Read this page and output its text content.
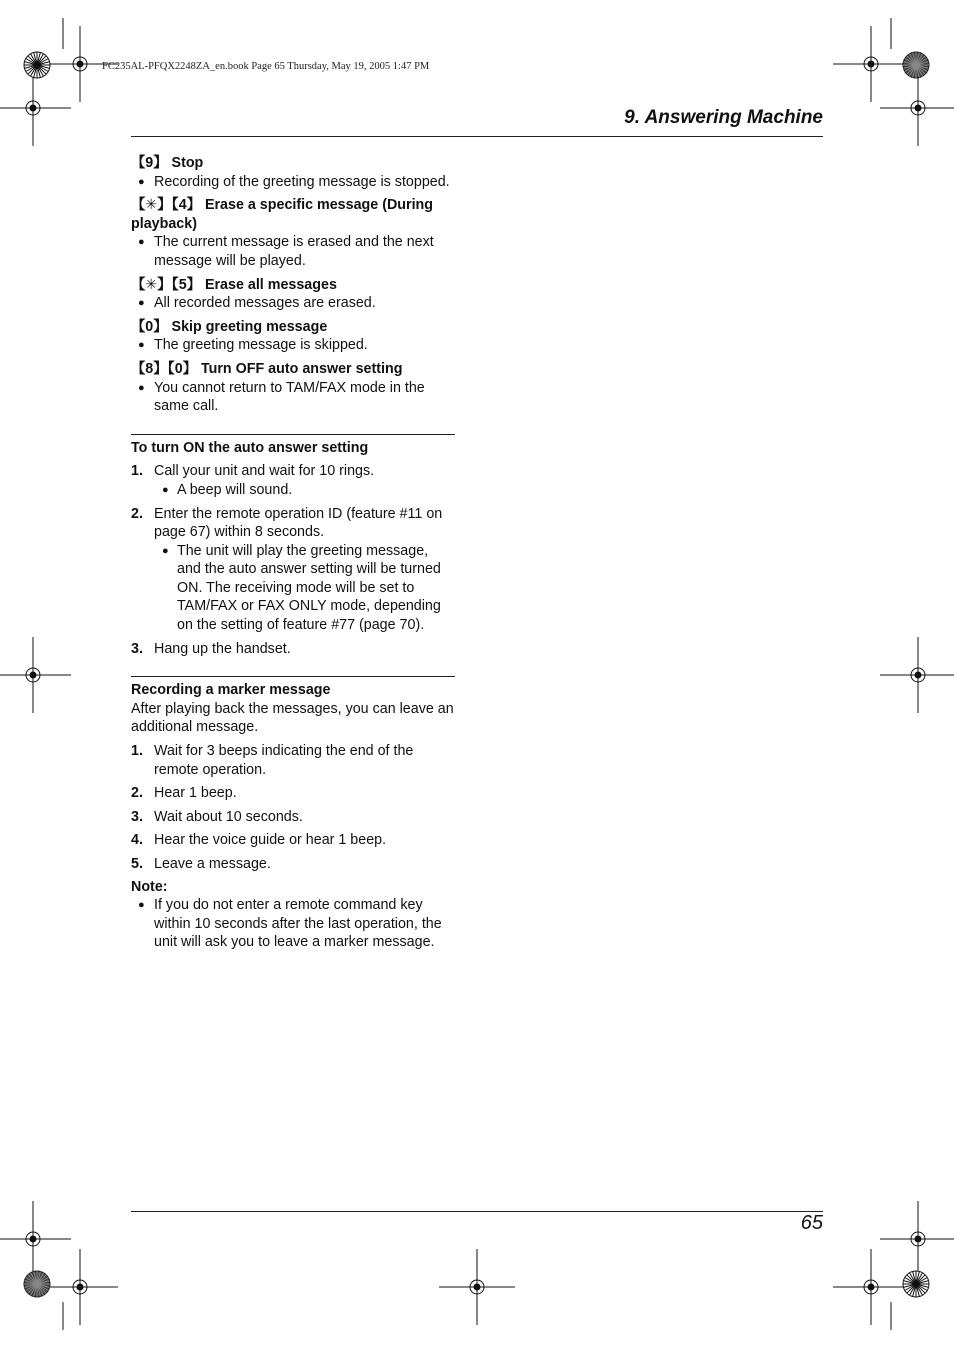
FC235AL-PFQX2248ZA_en.book Page 65 Thursday, May 19, 2005 1:47 PM
9. Answering Machine
【9】 Stop
● Recording of the greeting message is stopped.
【✳】【4】 Erase a specific message (During playback)
● The current message is erased and the next message will be played.
【✳】【5】 Erase all messages
● All recorded messages are erased.
【0】 Skip greeting message
● The greeting message is skipped.
【8】【0】 Turn OFF auto answer setting
● You cannot return to TAM/FAX mode in the same call.
To turn ON the auto answer setting
1. Call your unit and wait for 10 rings.
● A beep will sound.
2. Enter the remote operation ID (feature #11 on page 67) within 8 seconds.
● The unit will play the greeting message, and the auto answer setting will be turned ON. The receiving mode will be set to TAM/FAX or FAX ONLY mode, depending on the setting of feature #77 (page 70).
3. Hang up the handset.
Recording a marker message
After playing back the messages, you can leave an additional message.
1. Wait for 3 beeps indicating the end of the remote operation.
2. Hear 1 beep.
3. Wait about 10 seconds.
4. Hear the voice guide or hear 1 beep.
5. Leave a message.
Note:
● If you do not enter a remote command key within 10 seconds after the last operation, the unit will ask you to leave a marker message.
65
